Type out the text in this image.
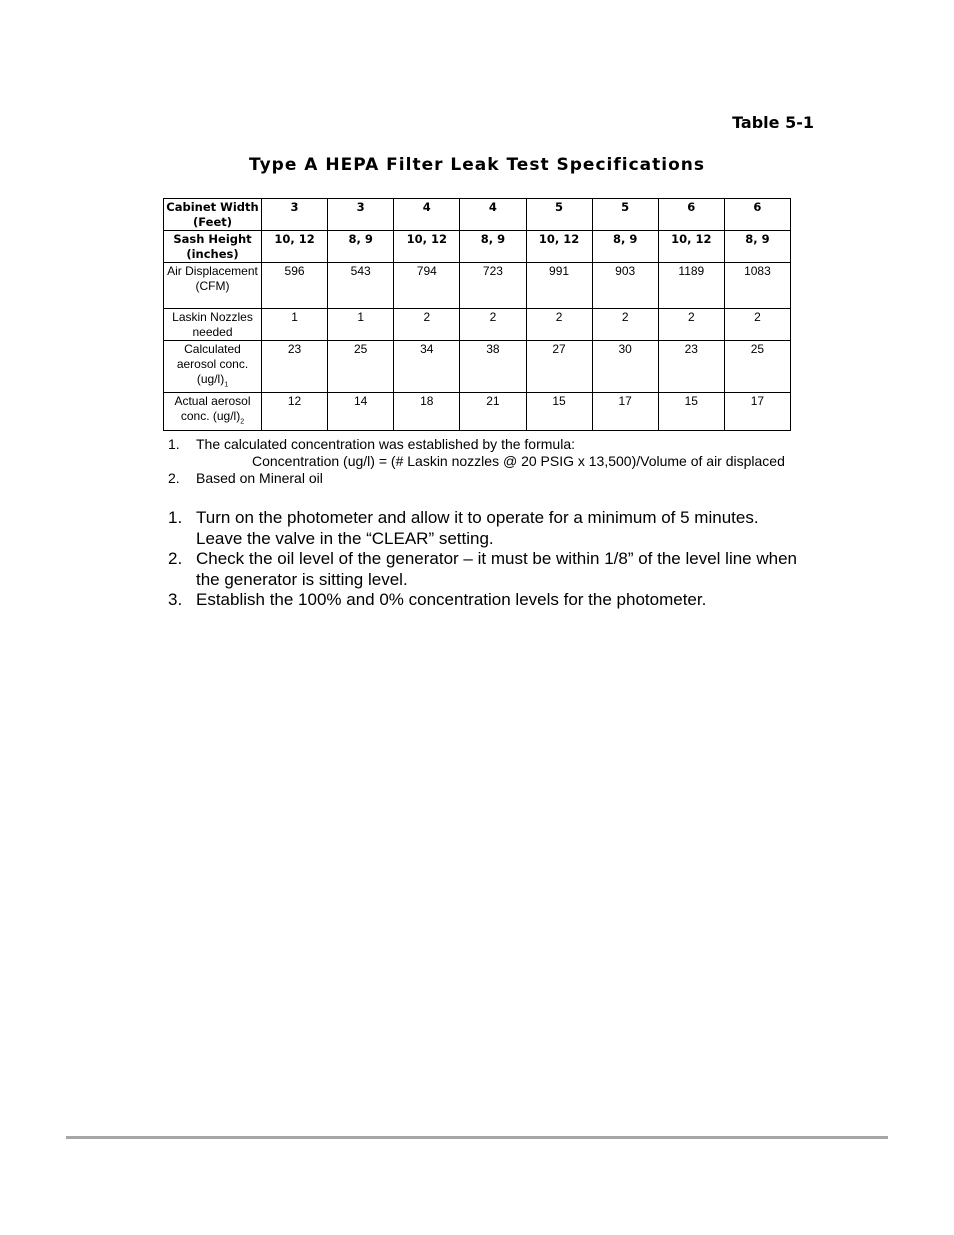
Table 5-1
Type A HEPA Filter Leak Test Specifications
Cabinet Width (Feet)	3	3	4	4	5	5	6	6
Sash Height (inches)	10, 12	8, 9	10, 12	8, 9	10, 12	8, 9	10, 12	8, 9
Air Displacement (CFM)	596	543	794	723	991	903	1189	1083
Laskin Nozzles needed	1	1	2	2	2	2	2	2
Calculated aerosol conc. $(ug/l)_1$	23	25	34	38	27	30	23	25
Actual aerosol conc. $(ug/l)_2$	12	14	18	21	15	17	15	17
1.	The calculated concentration was established by the formula:
Concentration (ug/l) = (# Laskin nozzles @ 20 PSIG x 13,500)/Volume of air displaced
2.	Based on Mineral oil
1. Turn on the photometer and allow it to operate for a minimum of 5 minutes. Leave the valve in the “CLEAR” setting.
2. Check the oil level of the generator – it must be within 1/8” of the level line when the generator is sitting level.
3. Establish the 100% and 0% concentration levels for the photometer.
